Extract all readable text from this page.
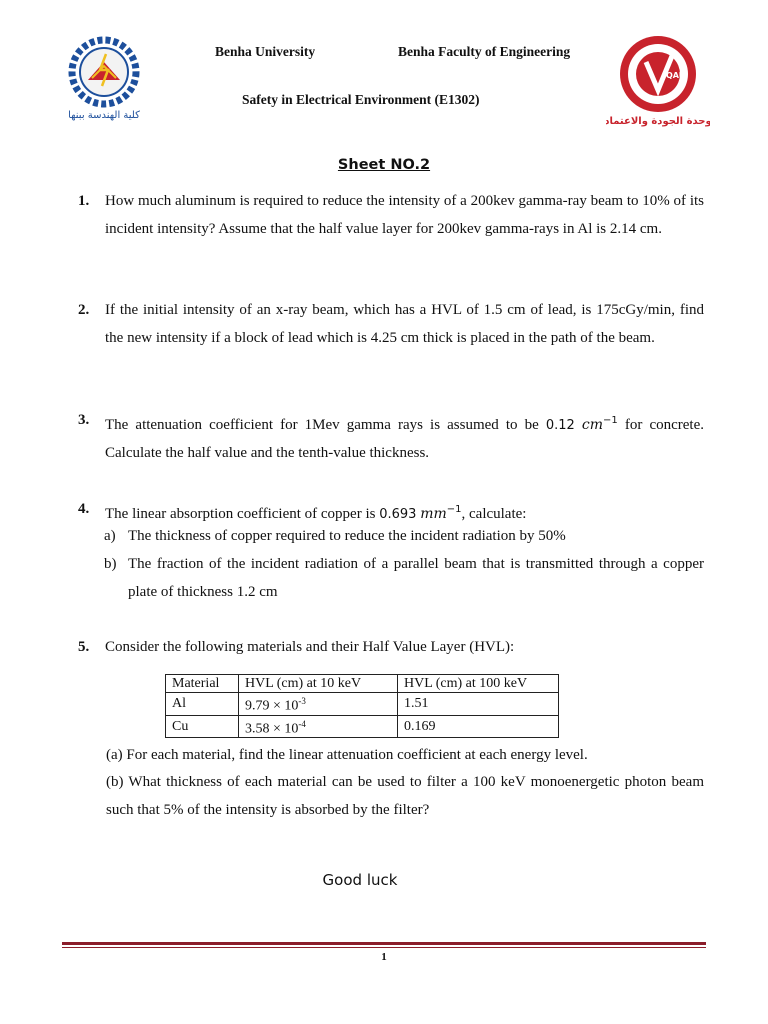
كلية الهندسة ببنها
Benha University	Benha Faculty of Engineering
Safety in Electrical Environment (E1302)
QAU
وحدة الجودة والاعتماد
Sheet NO.2
1. How much aluminum is required to reduce the intensity of a 200kev gamma-ray beam to 10% of its incident intensity? Assume that the half value layer for 200kev gamma-rays in Al is 2.14 cm.
2. If the initial intensity of an x-ray beam, which has a HVL of 1.5 cm of lead, is 175cGy/min, find the new intensity if a block of lead which is 4.25 cm thick is placed in the path of the beam.
3. The attenuation coefficient for 1Mev gamma rays is assumed to be 0.12 $cm^{-1}$ for concrete. Calculate the half value and the tenth-value thickness.
4. The linear absorption coefficient of copper is 0.693 $mm^{-1}$, calculate:
a) The thickness of copper required to reduce the incident radiation by 50%
b) The fraction of the incident radiation of a parallel beam that is transmitted through a copper plate of thickness 1.2 cm
5. Consider the following materials and their Half Value Layer (HVL):
Material	HVL (cm) at 10 keV	HVL (cm) at 100 keV
Al	$9.79 \times 10^{-3}$	1.51
Cu	$3.58 \times 10^{-4}$	0.169
(a) For each material, find the linear attenuation coefficient at each energy level.
(b) What thickness of each material can be used to filter a 100 keV monoenergetic photon beam such that 5% of the intensity is absorbed by the filter?
Good luck
1
